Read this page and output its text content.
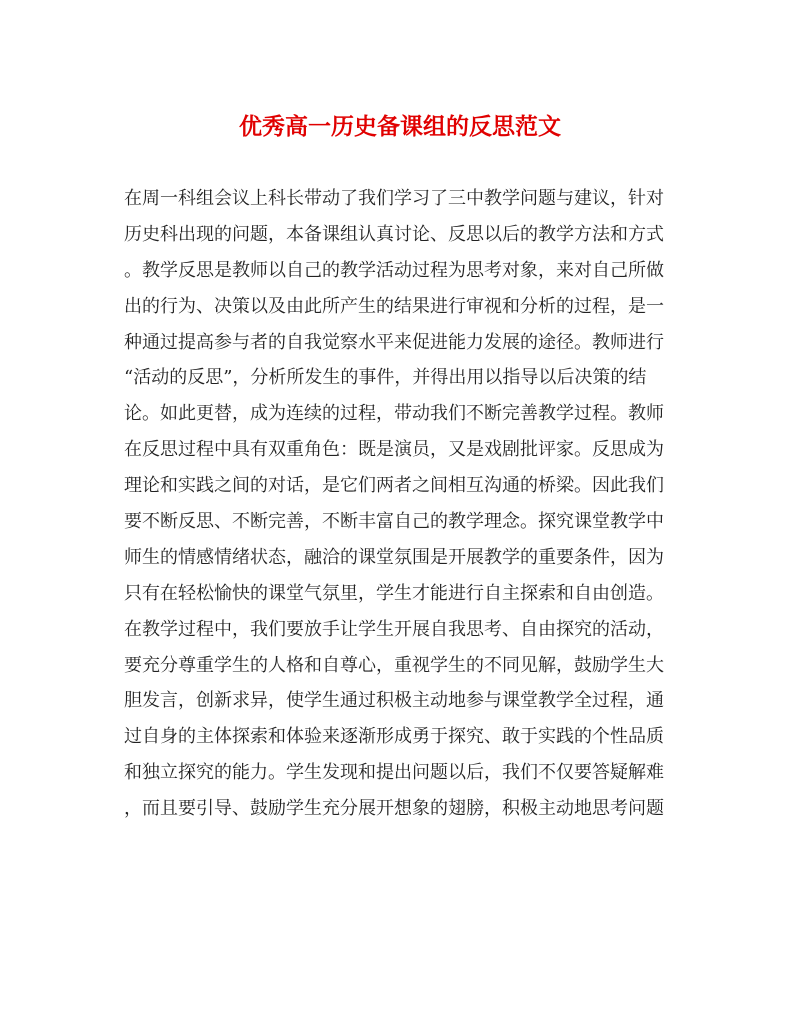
优秀高一历史备课组的反思范文
在周一科组会议上科长带动了我们学习了三中教学问题与建议，针对
历史科出现的问题，本备课组认真讨论、反思以后的教学方法和方式
。教学反思是教师以自己的教学活动过程为思考对象，来对自己所做
出的行为、决策以及由此所产生的结果进行审视和分析的过程，是一
种通过提高参与者的自我觉察水平来促进能力发展的途径。教师进行
“活动的反思”，分析所发生的事件，并得出用以指导以后决策的结
论。如此更替，成为连续的过程，带动我们不断完善教学过程。教师
在反思过程中具有双重角色：既是演员，又是戏剧批评家。反思成为
理论和实践之间的对话，是它们两者之间相互沟通的桥梁。因此我们
要不断反思、不断完善，不断丰富自己的教学理念。探究课堂教学中
师生的情感情绪状态，融洽的课堂氛围是开展教学的重要条件，因为
只有在轻松愉快的课堂气氛里，学生才能进行自主探索和自由创造。
在教学过程中，我们要放手让学生开展自我思考、自由探究的活动，
要充分尊重学生的人格和自尊心，重视学生的不同见解，鼓励学生大
胆发言，创新求异，使学生通过积极主动地参与课堂教学全过程，通
过自身的主体探索和体验来逐渐形成勇于探究、敢于实践的个性品质
和独立探究的能力。学生发现和提出问题以后，我们不仅要答疑解难
，而且要引导、鼓励学生充分展开想象的翅膀，积极主动地思考问题
